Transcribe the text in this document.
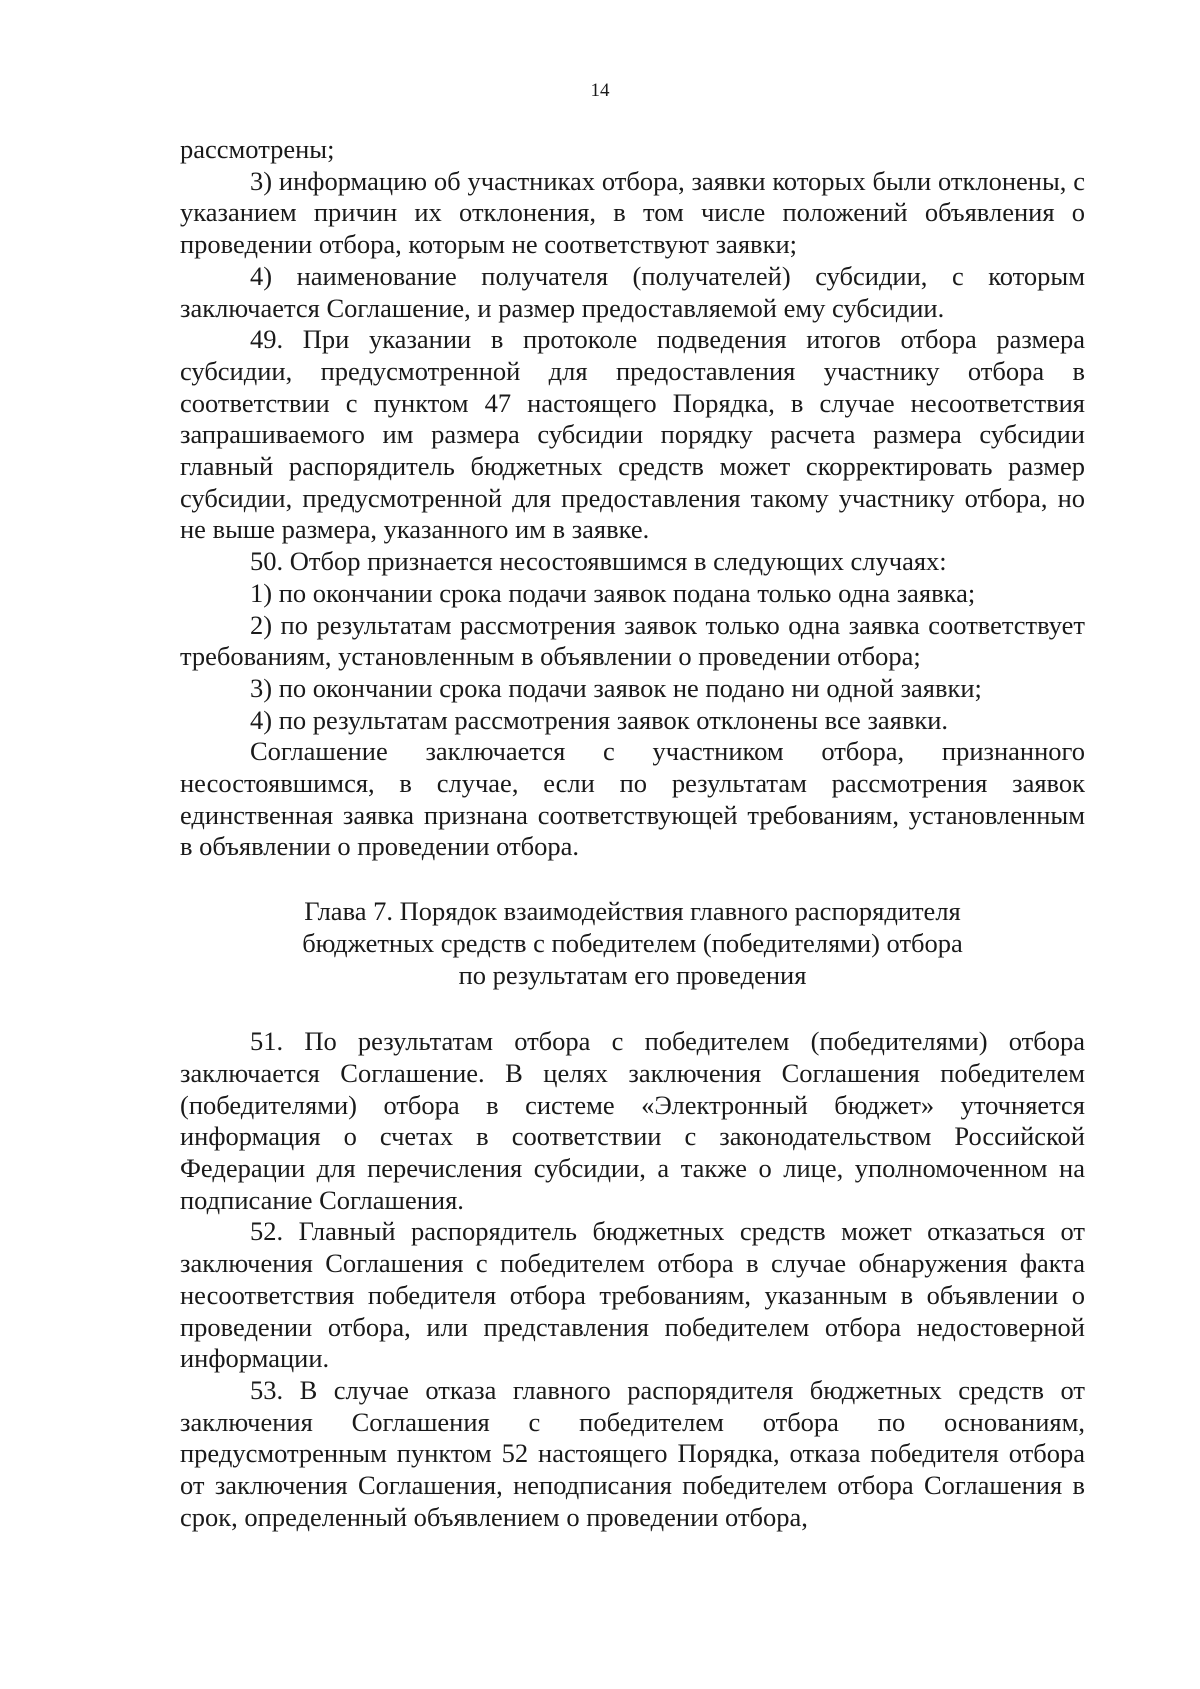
14

рассмотрены;

3) информацию об участниках отбора, заявки которых были отклонены, с указанием причин их отклонения, в том числе положений объявления о проведении отбора, которым не соответствуют заявки;

4) наименование получателя (получателей) субсидии, с которым заключается Соглашение, и размер предоставляемой ему субсидии.

49. При указании в протоколе подведения итогов отбора размера субсидии, предусмотренной для предоставления участнику отбора в соответствии с пунктом 47 настоящего Порядка, в случае несоответствия запрашиваемого им размера субсидии порядку расчета размера субсидии главный распорядитель бюджетных средств может скорректировать размер субсидии, предусмотренной для предоставления такому участнику отбора, но не выше размера, указанного им в заявке.

50. Отбор признается несостоявшимся в следующих случаях:

1) по окончании срока подачи заявок подана только одна заявка;

2) по результатам рассмотрения заявок только одна заявка соответствует требованиям, установленным в объявлении о проведении отбора;

3) по окончании срока подачи заявок не подано ни одной заявки;

4) по результатам рассмотрения заявок отклонены все заявки.

Соглашение заключается с участником отбора, признанного несостоявшимся, в случае, если по результатам рассмотрения заявок единственная заявка признана соответствующей требованиям, установленным в объявлении о проведении отбора.

Глава 7. Порядок взаимодействия главного распорядителя
бюджетных средств с победителем (победителями) отбора
по результатам его проведения

51. По результатам отбора с победителем (победителями) отбора заключается Соглашение. В целях заключения Соглашения победителем (победителями) отбора в системе «Электронный бюджет» уточняется информация о счетах в соответствии с законодательством Российской Федерации для перечисления субсидии, а также о лице, уполномоченном на подписание Соглашения.

52. Главный распорядитель бюджетных средств может отказаться от заключения Соглашения с победителем отбора в случае обнаружения факта несоответствия победителя отбора требованиям, указанным в объявлении о проведении отбора, или представления победителем отбора недостоверной информации.

53. В случае отказа главного распорядителя бюджетных средств от заключения Соглашения с победителем отбора по основаниям, предусмотренным пунктом 52 настоящего Порядка, отказа победителя отбора от заключения Соглашения, неподписания победителем отбора Соглашения в срок, определенный объявлением о проведении отбора,
